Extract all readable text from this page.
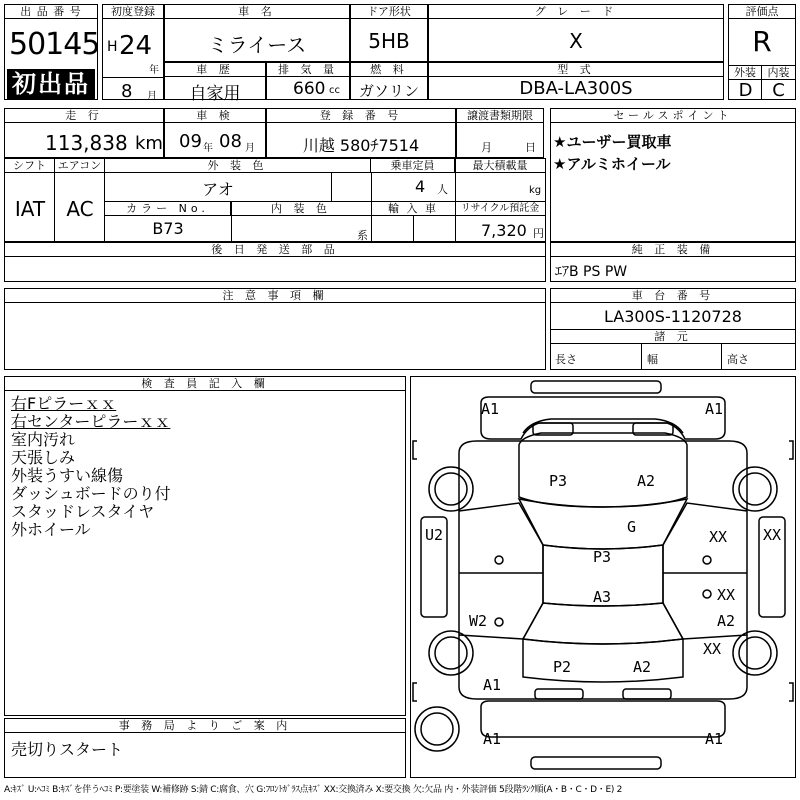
出 品 番 号
50145
初出品
初度登録
H 24
年
8 月
車 名
ミライース
ドア形状
5HB
グ レ ー ド
X
評価点
R
外装	内装
D	C
車 歴
自家用
排 気 量
660 cc
燃 料
ガソリン
型 式
DBA-LA300S
走 行
113,838 km
車 検
09 年 08 月
登 録 番 号
川越 580ﾁ7514
譲渡書類期限
月	日
セールスポイント
★ユーザー買取車
★アルミホイール
シフト
IAT
エアコン
AC
外 装 色
アオ
乗車定員
4 人
最大積載量
kg
カラー No.
B73
内 装 色
系
輸 入 車	リサイクル預託金
7,320 円
後 日 発 送 部 品	純 正 装 備
ｴｱB PS PW
注 意 事 項 欄	車 台 番 号
LA300S-1120728
諸 元
長さ	幅	高さ
検 査 員 記 入 欄
右Fピラーｘｘ
右センターピラーｘｘ
室内汚れ
天張しみ
外装うすい線傷
ダッシュボードのり付
スタッドレスタイヤ
外ホイール
事 務 局 よ り ご 案 内
売切りスタート
A1	A1
P3	A2
U2	G
XX XX
P3
A3	XX
A2
XX
W2
P2	A2
A1
A1	A1
A:ｷｽﾞ U:ﾍｺﾐ B:ｷｽﾞを伴うﾍｺﾐ P:要塗装 W:補修跡 S:錆 C:腐食、穴 G:ﾌﾛﾝﾄｶﾞﾗｽ点ｷｽﾞ XX:交換済み X:要交換 欠:欠品 内・外装評価 5段階ﾗﾝｸ順(A・B・C・D・E) 2
